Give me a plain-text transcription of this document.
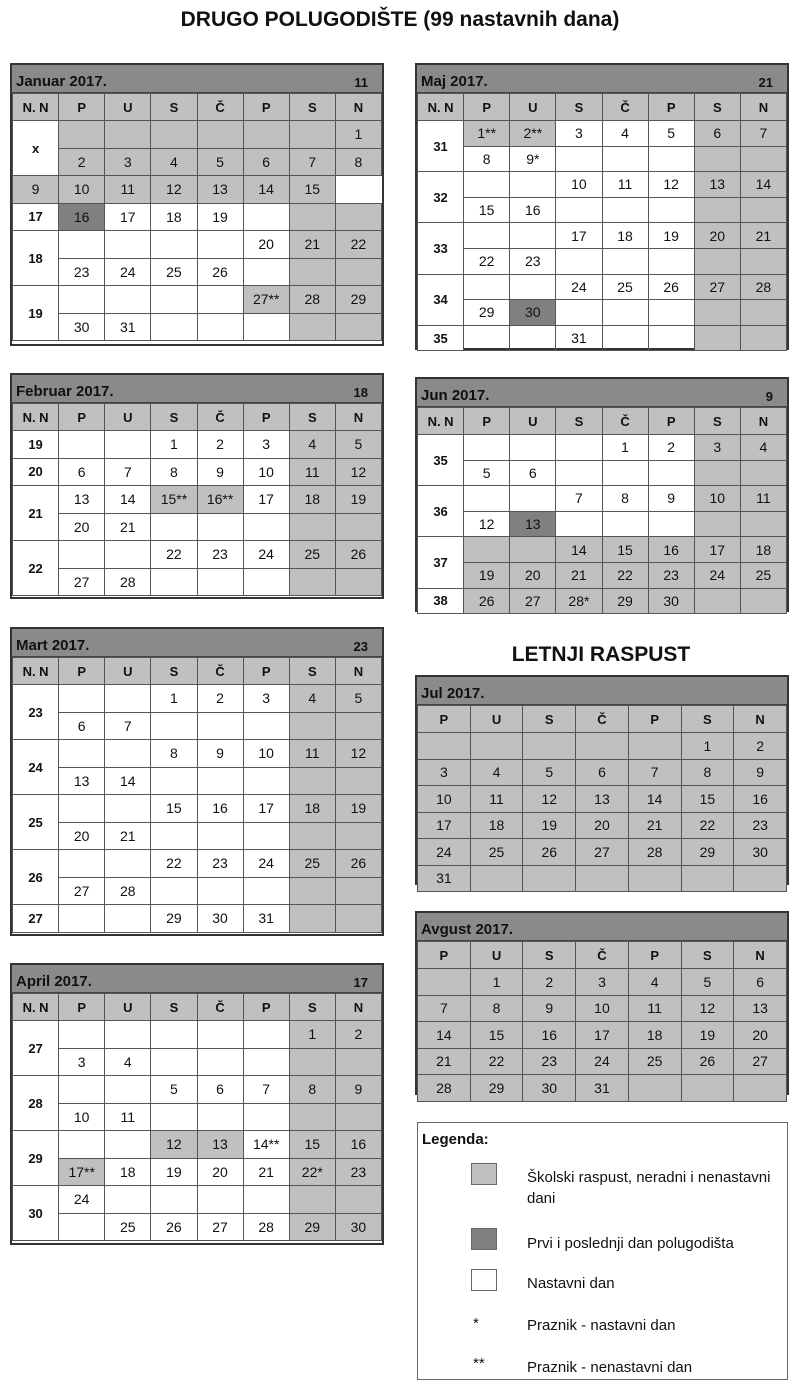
DRUGO POLUGODIŠTE (99 nastavnih dana)
LETNJI RASPUST
Januar 2017.	11
N. N	P	U	S	Č	P	S	N
x							1
	2	3	4	5	6	7	8
9	10	11	12	13	14	15	
17	16	17	18	19			
18					20	21	22
	23	24	25	26			
19					27**	28	29
	30	31					
Februar 2017.	18
N. N	P	U	S	Č	P	S	N
19			1	2	3	4	5
20	6	7	8	9	10	11	12
21	13	14	15**	16**	17	18	19
	20	21					
22			22	23	24	25	26
	27	28					
Mart 2017.	23
N. N	P	U	S	Č	P	S	N
23			1	2	3	4	5
	6	7					
24			8	9	10	11	12
	13	14					
25			15	16	17	18	19
	20	21					
26			22	23	24	25	26
	27	28					
27			29	30	31		
April 2017.	17
N. N	P	U	S	Č	P	S	N
27						1	2
	3	4					
28			5	6	7	8	9
	10	11					
29			12	13	14**	15	16
	17**	18	19	20	21	22*	23
30	24						
		25	26	27	28	29	30
Maj 2017.	21
N. N	P	U	S	Č	P	S	N
31	1**	2**	3	4	5	6	7
	8	9*					
32			10	11	12	13	14
	15	16					
33			17	18	19	20	21
	22	23					
34			24	25	26	27	28
	29	30					
35			31				
Jun 2017.	9
N. N	P	U	S	Č	P	S	N
35				1	2	3	4
	5	6					
36			7	8	9	10	11
	12	13					
37			14	15	16	17	18
	19	20	21	22	23	24	25
38	26	27	28*	29	30		
Jul 2017.
P	U	S	Č	P	S	N
					1	2
3	4	5	6	7	8	9
10	11	12	13	14	15	16
17	18	19	20	21	22	23
24	25	26	27	28	29	30
31						
Avgust 2017.
P	U	S	Č	P	S	N
	1	2	3	4	5	6
7	8	9	10	11	12	13
14	15	16	17	18	19	20
21	22	23	24	25	26	27
28	29	30	31			
Legenda:
Školski raspust, neradni i nenastavni dani
Prvi i poslednji dan polugodišta
Nastavni dan
*	Praznik - nastavni dan
**	Praznik - nenastavni dan
